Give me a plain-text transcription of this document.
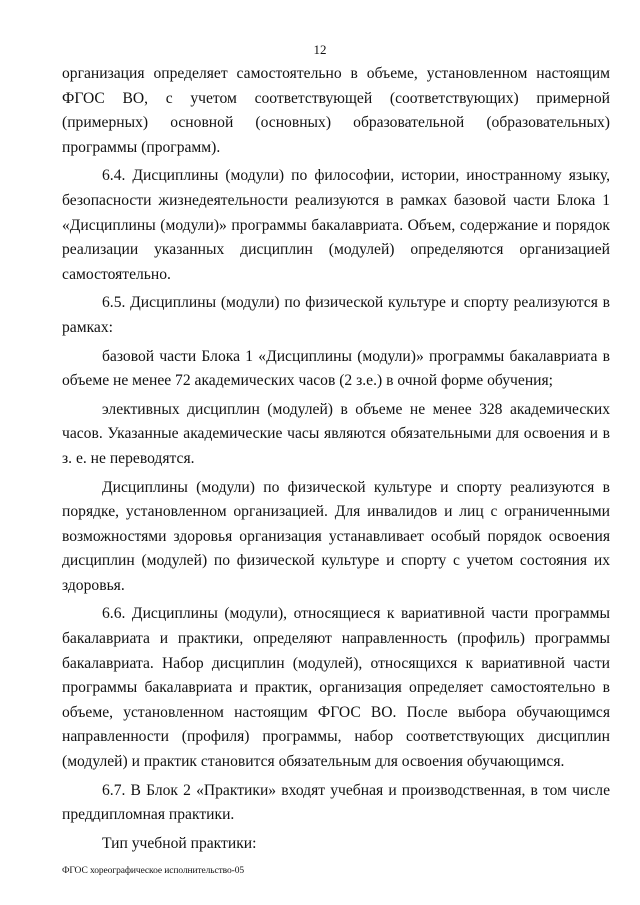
12

организация определяет самостоятельно в объеме, установленном настоящим ФГОС ВО, с учетом соответствующей (соответствующих) примерной (примерных) основной (основных) образовательной (образовательных) программы (программ).

6.4. Дисциплины (модули) по философии, истории, иностранному языку, безопасности жизнедеятельности реализуются в рамках базовой части Блока 1 «Дисциплины (модули)» программы бакалавриата. Объем, содержание и порядок реализации указанных дисциплин (модулей) определяются организацией самостоятельно.

6.5. Дисциплины (модули) по физической культуре и спорту реализуются в рамках:

базовой части Блока 1 «Дисциплины (модули)» программы бакалавриата в объеме не менее 72 академических часов (2 з.е.) в очной форме обучения;

элективных дисциплин (модулей) в объеме не менее 328 академических часов. Указанные академические часы являются обязательными для освоения и в з. е. не переводятся.

Дисциплины (модули) по физической культуре и спорту реализуются в порядке, установленном организацией. Для инвалидов и лиц с ограниченными возможностями здоровья организация устанавливает особый порядок освоения дисциплин (модулей) по физической культуре и спорту с учетом состояния их здоровья.

6.6. Дисциплины (модули), относящиеся к вариативной части программы бакалавриата и практики, определяют направленность (профиль) программы бакалавриата. Набор дисциплин (модулей), относящихся к вариативной части программы бакалавриата и практик, организация определяет самостоятельно в объеме, установленном настоящим ФГОС ВО. После выбора обучающимся направленности (профиля) программы, набор соответствующих дисциплин (модулей) и практик становится обязательным для освоения обучающимся.

6.7. В Блок 2 «Практики» входят учебная и производственная, в том числе преддипломная практики.

Тип учебной практики:

ФГОС хореографическое исполнительство-05
